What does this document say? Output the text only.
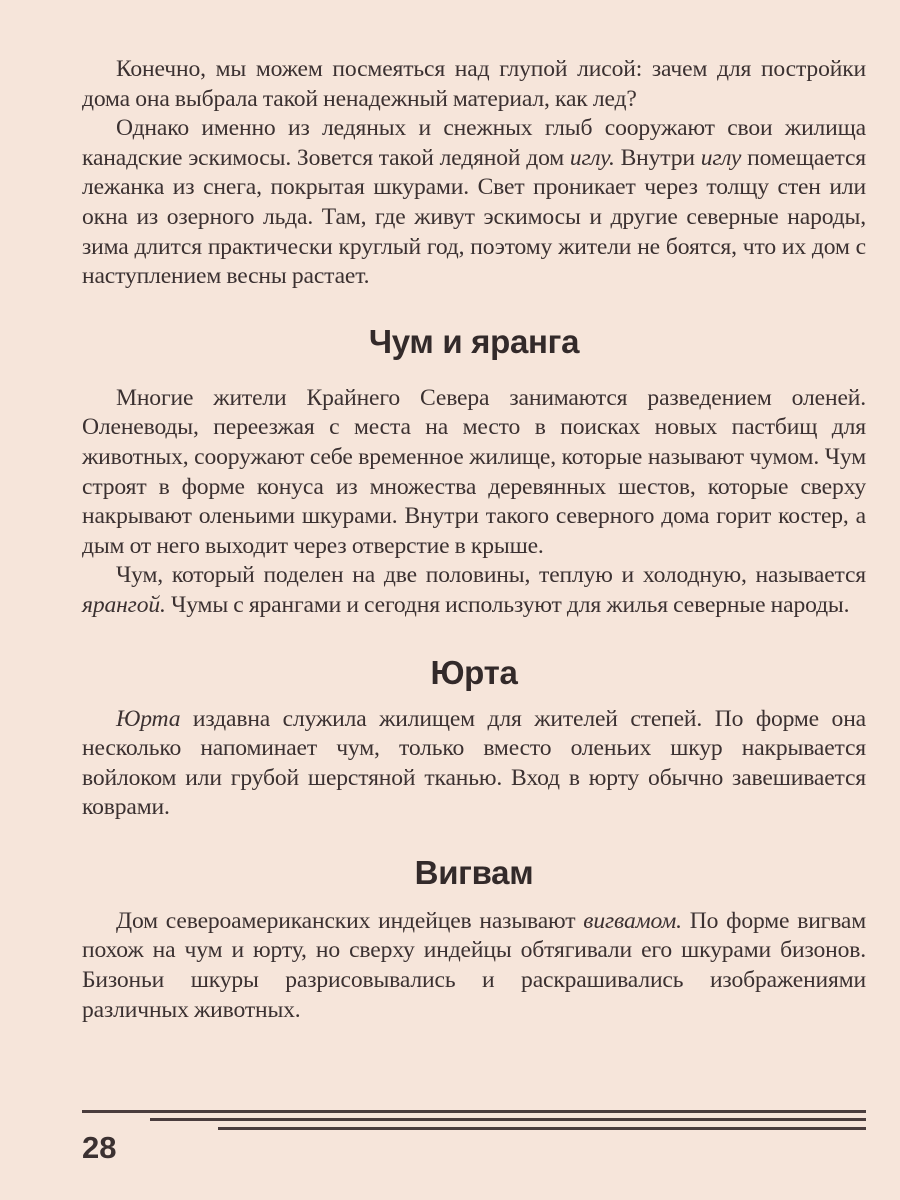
Конечно, мы можем посмеяться над глупой лисой: зачем для постройки дома она выбрала такой ненадежный материал, как лед?

Однако именно из ледяных и снежных глыб сооружают свои жилища канадские эскимосы. Зовется такой ледяной дом иглу. Внутри иглу помещается лежанка из снега, покрытая шкурами. Свет проникает через толщу стен или окна из озерного льда. Там, где живут эскимосы и другие северные народы, зима длится практически круглый год, поэтому жители не боятся, что их дом с наступлением весны растает.

Чум и яранга

Многие жители Крайнего Севера занимаются разведением оленей. Оленеводы, переезжая с места на место в поисках новых пастбищ для животных, сооружают себе временное жилище, которые называют чумом. Чум строят в форме конуса из множества деревянных шестов, которые сверху накрывают оленьими шкурами. Внутри такого северного дома горит костер, а дым от него выходит через отверстие в крыше.

Чум, который поделен на две половины, теплую и холодную, называется ярангой. Чумы с ярангами и сегодня используют для жилья северные народы.

Юрта

Юрта издавна служила жилищем для жителей степей. По форме она несколько напоминает чум, только вместо оленьих шкур накрывается войлоком или грубой шерстяной тканью. Вход в юрту обычно завешивается коврами.

Вигвам

Дом североамериканских индейцев называют вигвамом. По форме вигвам похож на чум и юрту, но сверху индейцы обтягивали его шкурами бизонов. Бизоньи шкуры разрисовывались и раскрашивались изображениями различных животных.

28
